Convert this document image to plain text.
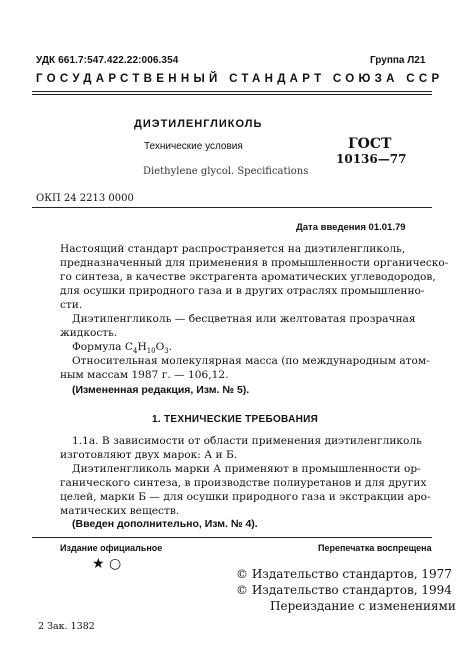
УДК 661.7:547.422.22:006.354	Группа Л21
ГОСУДАРСТВЕННЫЙ СТАНДАРТ СОЮЗА ССР
ДИЭТИЛЕНГЛИКОЛЬ
Технические условия	ГОСТ
10136—77
Diethylene glycol. Specifications
ОКП 24 2213 0000
Дата введения 01.01.79
Настоящий стандарт распространяется на диэтиленгликоль,
предназначенный для применения в промышленности органическо-
го синтеза, в качестве экстрагента ароматических углеводородов,
для осушки природного газа и в других отраслях промышленно-
сти.
Диэтиленгликоль — бесцветная или желтоватая прозрачная
жидкость.
Формула $C_4H_{10}O_3$.
Относительная молекулярная масса (по международным атом-
ным массам 1987 г. — 106,12.
(Измененная редакция, Изм. № 5).
1. ТЕХНИЧЕСКИЕ ТРЕБОВАНИЯ
1.1а. В зависимости от области применения диэтиленгликоль
изготовляют двух марок: А и Б.
Диэтиленгликоль марки А применяют в промышленности ор-
ганического синтеза, в производстве полиуретанов и для других
целей, марки Б — для осушки природного газа и экстракции аро-
матических веществ.
(Введен дополнительно, Изм. № 4).
Издание официальное	Перепечатка воспрещена
★ ○
© Издательство стандартов, 1977
© Издательство стандартов, 1994
Переиздание с изменениями
2 Зак. 1382
